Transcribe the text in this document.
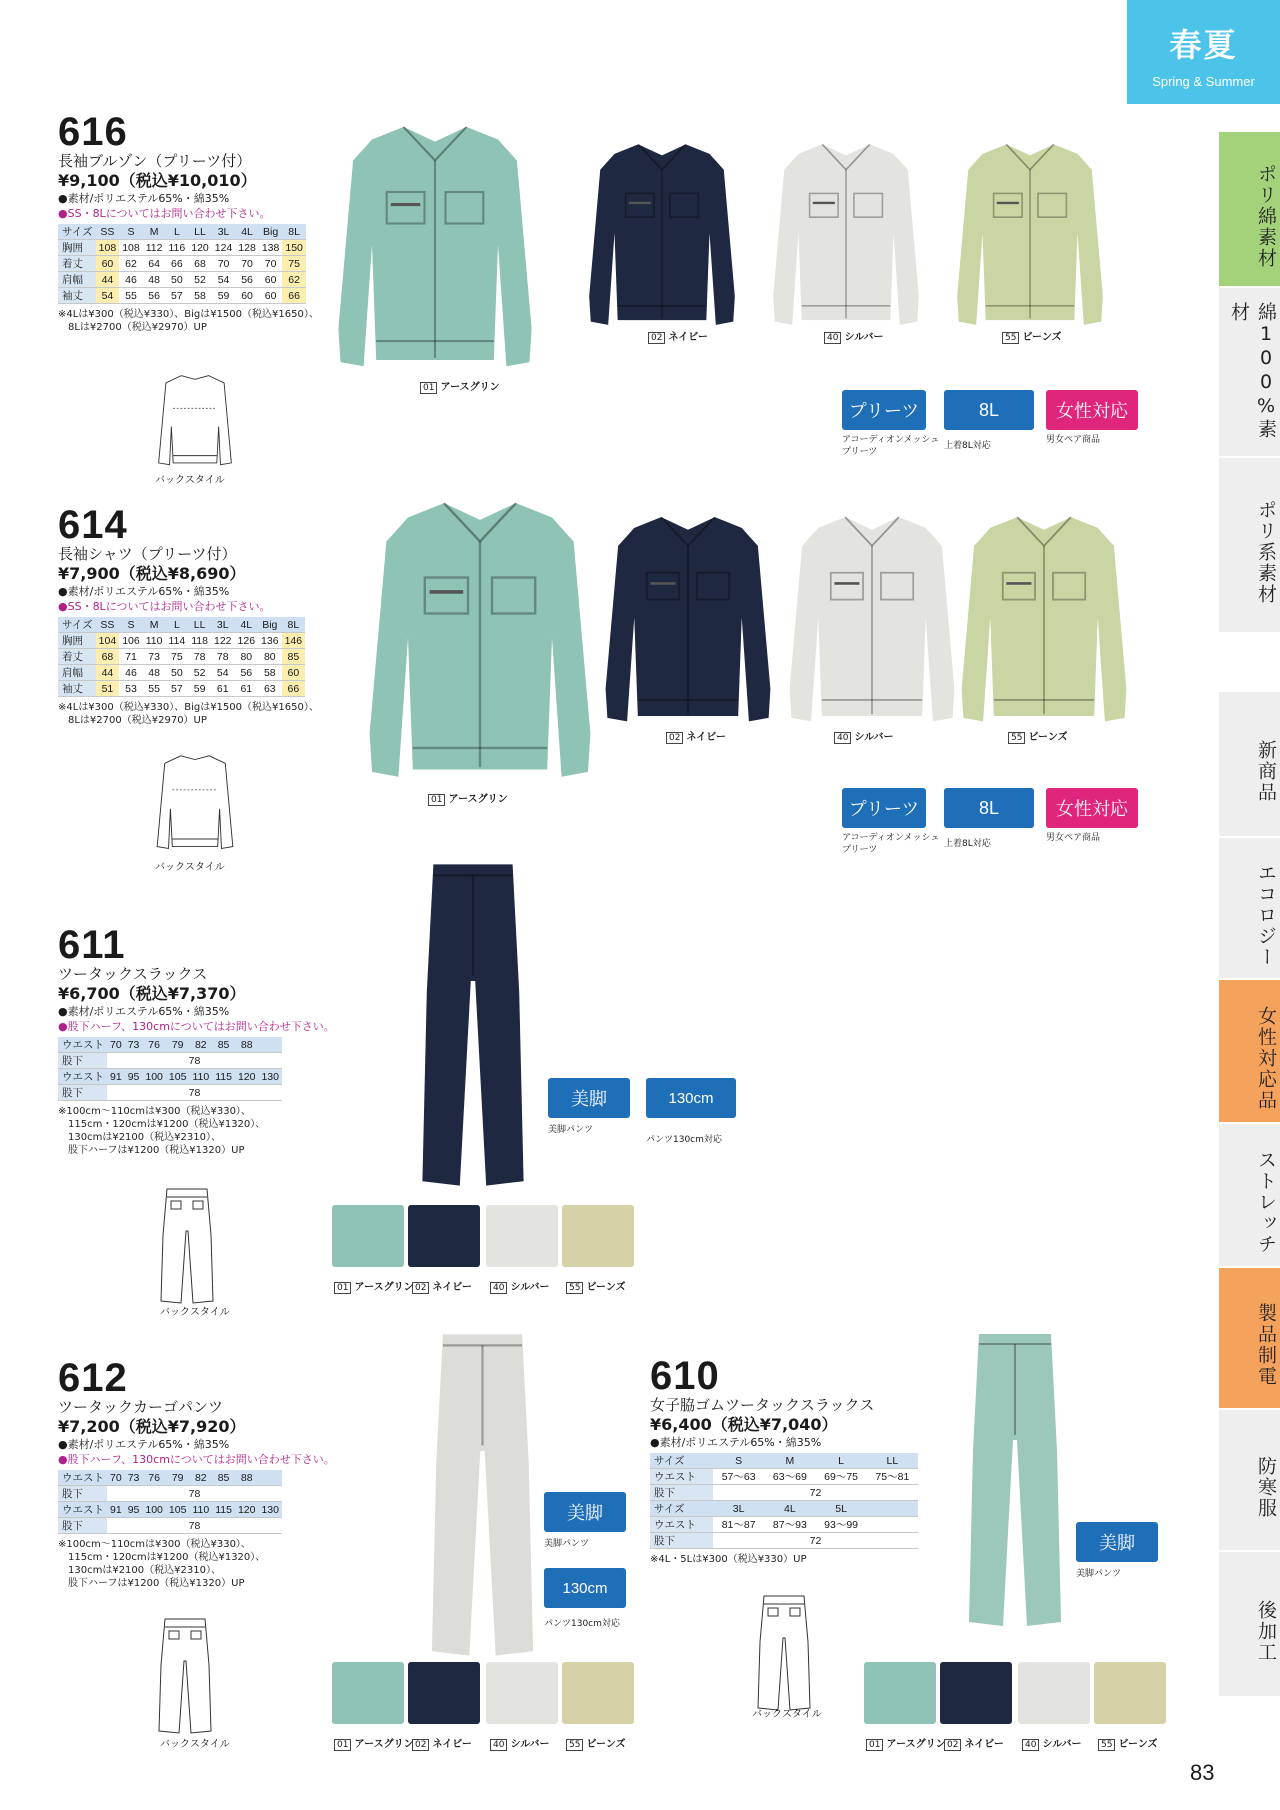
春夏
Spring & Summer
ポリ綿素材
綿100%素材
ポリ系素材
新商品
エコロジー
女性対応品
ストレッチ
製品制電
防寒服
後加工
616
長袖ブルゾン（プリーツ付）
¥9,100（税込¥10,010）
●素材/ポリエステル65%・綿35%
●SS・8Lについてはお問い合わせ下さい。
サイズ	SS	S	M	L	LL	3L	4L	Big	8L
胸囲	108	108	112	116	120	124	128	138	150
着丈	60	62	64	66	68	70	70	70	75
肩幅	44	46	48	50	52	54	56	60	62
袖丈	54	55	56	57	58	59	60	60	66
※4Lは¥300（税込¥330）、Bigは¥1500（税込¥1650）、
　8Lは¥2700（税込¥2970）UP
バックスタイル
01 アースグリン
02 ネイビー	40 シルバー	55 ビーンズ
プリーツ
アコーディオンメッシュ
プリーツ
8L
上着8L対応
女性対応
男女ペア商品
614
長袖シャツ（プリーツ付）
¥7,900（税込¥8,690）
●素材/ポリエステル65%・綿35%
●SS・8Lについてはお問い合わせ下さい。
サイズ	SS	S	M	L	LL	3L	4L	Big	8L
胸囲	104	106	110	114	118	122	126	136	146
着丈	68	71	73	75	78	78	80	80	85
肩幅	44	46	48	50	52	54	56	58	60
袖丈	51	53	55	57	59	61	61	63	66
※4Lは¥300（税込¥330）、Bigは¥1500（税込¥1650）、
　8Lは¥2700（税込¥2970）UP
バックスタイル
01 アースグリン
02 ネイビー	40 シルバー	55 ビーンズ
プリーツ
アコーディオンメッシュ
プリーツ
8L
上着8L対応
女性対応
男女ペア商品
611
ツータックスラックス
¥6,700（税込¥7,370）
●素材/ポリエステル65%・綿35%
●股下ハーフ、130cmについてはお問い合わせ下さい。
ウエスト	70	73	76	79	82	85	88	
股下	78							
ウエスト	91	95	100	105	110	115	120	130
股下	78							
※100cm〜110cmは¥300（税込¥330）、
　115cm・120cmは¥1200（税込¥1320）、
　130cmは¥2100（税込¥2310）、
　股下ハーフは¥1200（税込¥1320）UP
バックスタイル
美脚
美脚パンツ
130cm
パンツ130cm対応
01 アースグリン 02 ネイビー	40 シルバー	55 ビーンズ
612
ツータックカーゴパンツ
¥7,200（税込¥7,920）
●素材/ポリエステル65%・綿35%
●股下ハーフ、130cmについてはお問い合わせ下さい。
ウエスト	70	73	76	79	82	85	88	
股下	78							
ウエスト	91	95	100	105	110	115	120	130
股下	78							
※100cm〜110cmは¥300（税込¥330）、
　115cm・120cmは¥1200（税込¥1320）、
　130cmは¥2100（税込¥2310）、
　股下ハーフは¥1200（税込¥1320）UP
バックスタイル
美脚
美脚パンツ
130cm
パンツ130cm対応
01 アースグリン 02 ネイビー	40 シルバー	55 ビーンズ
610
女子脇ゴムツータックスラックス
¥6,400（税込¥7,040）
●素材/ポリエステル65%・綿35%
サイズ	S	M	L	LL
ウエスト	57〜63	63〜69	69〜75	75〜81
股下	72			
サイズ	3L	4L	5L	
ウエスト	81〜87	87〜93	93〜99	
股下	72			
※4L・5Lは¥300（税込¥330）UP
バックスタイル
美脚
美脚パンツ
01 アースグリン 02 ネイビー	40 シルバー	55 ビーンズ
83
